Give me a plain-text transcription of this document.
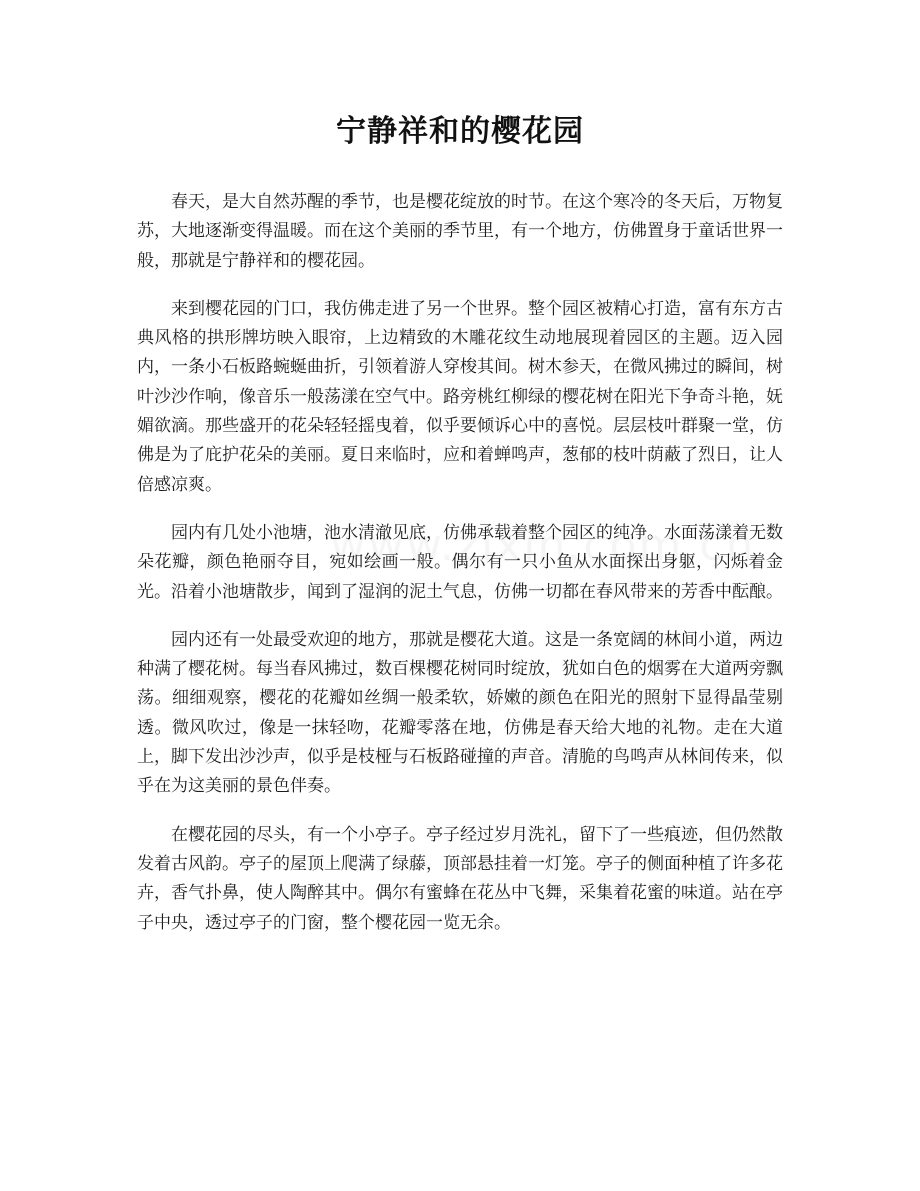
宁静祥和的樱花园

春天，是大自然苏醒的季节，也是樱花绽放的时节。在这个寒冷的冬天后，万物复苏，大地逐渐变得温暖。而在这个美丽的季节里，有一个地方，仿佛置身于童话世界一般，那就是宁静祥和的樱花园。

来到樱花园的门口，我仿佛走进了另一个世界。整个园区被精心打造，富有东方古典风格的拱形牌坊映入眼帘，上边精致的木雕花纹生动地展现着园区的主题。迈入园内，一条小石板路蜿蜒曲折，引领着游人穿梭其间。树木参天，在微风拂过的瞬间，树叶沙沙作响，像音乐一般荡漾在空气中。路旁桃红柳绿的樱花树在阳光下争奇斗艳，妩媚欲滴。那些盛开的花朵轻轻摇曳着，似乎要倾诉心中的喜悦。层层枝叶群聚一堂，仿佛是为了庇护花朵的美丽。夏日来临时，应和着蝉鸣声，葱郁的枝叶荫蔽了烈日，让人倍感凉爽。

园内有几处小池塘，池水清澈见底，仿佛承载着整个园区的纯净。水面荡漾着无数朵花瓣，颜色艳丽夺目，宛如绘画一般。偶尔有一只小鱼从水面探出身躯，闪烁着金光。沿着小池塘散步，闻到了湿润的泥土气息，仿佛一切都在春风带来的芳香中酝酿。

园内还有一处最受欢迎的地方，那就是樱花大道。这是一条宽阔的林间小道，两边种满了樱花树。每当春风拂过，数百棵樱花树同时绽放，犹如白色的烟雾在大道两旁飘荡。细细观察，樱花的花瓣如丝绸一般柔软，娇嫩的颜色在阳光的照射下显得晶莹剔透。微风吹过，像是一抹轻吻，花瓣零落在地，仿佛是春天给大地的礼物。走在大道上，脚下发出沙沙声，似乎是枝桠与石板路碰撞的声音。清脆的鸟鸣声从林间传来，似乎在为这美丽的景色伴奏。

在樱花园的尽头，有一个小亭子。亭子经过岁月洗礼，留下了一些痕迹，但仍然散发着古风韵。亭子的屋顶上爬满了绿藤，顶部悬挂着一灯笼。亭子的侧面种植了许多花卉，香气扑鼻，使人陶醉其中。偶尔有蜜蜂在花丛中飞舞，采集着花蜜的味道。站在亭子中央，透过亭子的门窗，整个樱花园一览无余。
